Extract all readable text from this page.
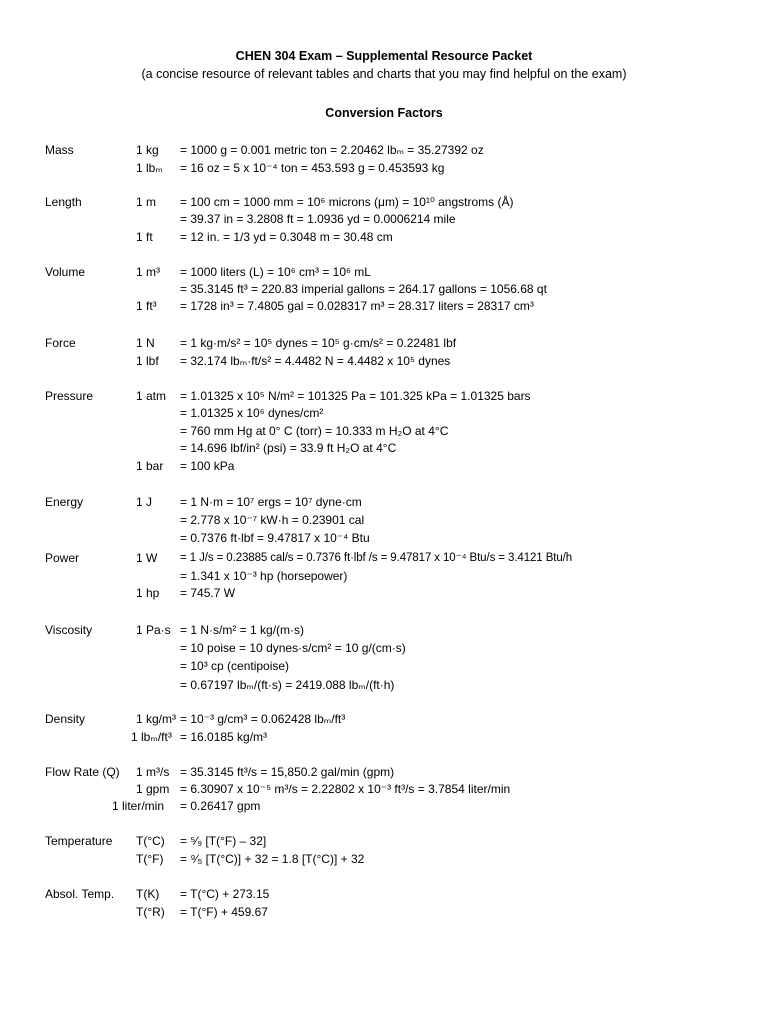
CHEN 304 Exam – Supplemental Resource Packet
(a concise resource of relevant tables and charts that you may find helpful on the exam)
Conversion Factors
Mass	1 kg = 1000 g = 0.001 metric ton = 2.20462 lbₘ = 35.27392 oz
1 lbₘ = 16 oz = 5 x 10⁻⁴ ton = 453.593 g = 0.453593 kg
Length	1 m = 100 cm = 1000 mm = 10⁶ microns (μm) = 10¹⁰ angstroms (Å)
= 39.37 in = 3.2808 ft = 1.0936 yd = 0.0006214 mile
1 ft = 12 in. = 1/3 yd = 0.3048 m = 30.48 cm
Volume	1 m³ = 1000 liters (L) = 10⁶ cm³ = 10⁶ mL
= 35.3145 ft³ = 220.83 imperial gallons = 264.17 gallons = 1056.68 qt
1 ft³ = 1728 in³ = 7.4805 gal = 0.028317 m³ = 28.317 liters = 28317 cm³
Force	1 N = 1 kg·m/s² = 10⁵ dynes = 10⁵ g·cm/s² = 0.22481 lbf
1 lbf = 32.174 lbₘ·ft/s² = 4.4482 N = 4.4482 x 10⁵ dynes
Pressure	1 atm = 1.01325 x 10⁵ N/m² = 101325 Pa = 101.325 kPa = 1.01325 bars
= 1.01325 x 10⁶ dynes/cm²
= 760 mm Hg at 0° C (torr) = 10.333 m H₂O at 4°C
= 14.696 lbf/in² (psi) = 33.9 ft H₂O at 4°C
1 bar = 100 kPa
Energy	1 J = 1 N·m = 10⁷ ergs = 10⁷ dyne·cm
= 2.778 x 10⁻⁷ kW·h = 0.23901 cal
= 0.7376 ft·lbf = 9.47817 x 10⁻⁴ Btu
Power	1 W = 1 J/s = 0.23885 cal/s = 0.7376 ft·lbf /s = 9.47817 x 10⁻⁴ Btu/s = 3.4121 Btu/h
= 1.341 x 10⁻³ hp (horsepower)
1 hp = 745.7 W
Viscosity	1 Pa·s = 1 N·s/m² = 1 kg/(m·s)
= 10 poise = 10 dynes·s/cm² = 10 g/(cm·s)
= 10³ cp (centipoise)
= 0.67197 lbₘ/(ft·s) = 2419.088 lbₘ/(ft·h)
Density	1 kg/m³ = 10⁻³ g/cm³ = 0.062428 lbₘ/ft³
1 lbₘ/ft³ = 16.0185 kg/m³
Flow Rate (Q) 1 m³/s = 35.3145 ft³/s = 15,850.2 gal/min (gpm)
1 gpm = 6.30907 x 10⁻⁵ m³/s = 2.22802 x 10⁻³ ft³/s = 3.7854 liter/min
1 liter/min = 0.26417 gpm
Temperature T(°C) = ⁵⁄₉ [T(°F) – 32]
T(°F) = ⁹⁄₅ [T(°C)] + 32 = 1.8 [T(°C)] + 32
Absol. Temp. T(K) = T(°C) + 273.15
T(°R) = T(°F) + 459.67
